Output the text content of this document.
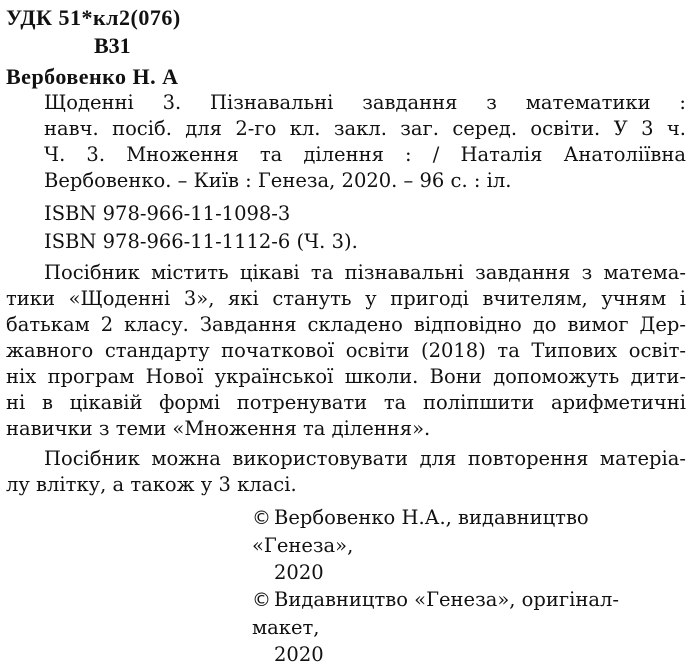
УДК 51*кл2(076)
В31
Вербовенко Н. А
Щоденні 3. Пізнавальні завдання з математики :
навч. посіб. для 2-го кл. закл. заг. серед. освіти. У 3 ч.
Ч. 3. Множення та ділення : / Наталія Анатоліївна
Вербовенко. – Київ : Генеза, 2020. – 96 с. : іл.
ISBN 978-966-11-1098-3
ISBN 978-966-11-1112-6 (Ч. 3).
Посібник містить цікаві та пізнавальні завдання з матема-
тики «Щоденні 3», які стануть у пригоді вчителям, учням і
батькам 2 класу. Завдання складено відповідно до вимог Дер-
жавного стандарту початкової освіти (2018) та Типових освіт-
ніх програм Нової української школи. Вони допоможуть дити-
ні в цікавій формі потренувати та поліпшити арифметичні
навички з теми «Множення та ділення».
Посібник можна використовувати для повторення матеріа-
лу влітку, а також у 3 класі.
© Вербовенко Н.А., видавництво «Генеза»,
2020
© Видавництво «Генеза», оригінал-макет,
2020
